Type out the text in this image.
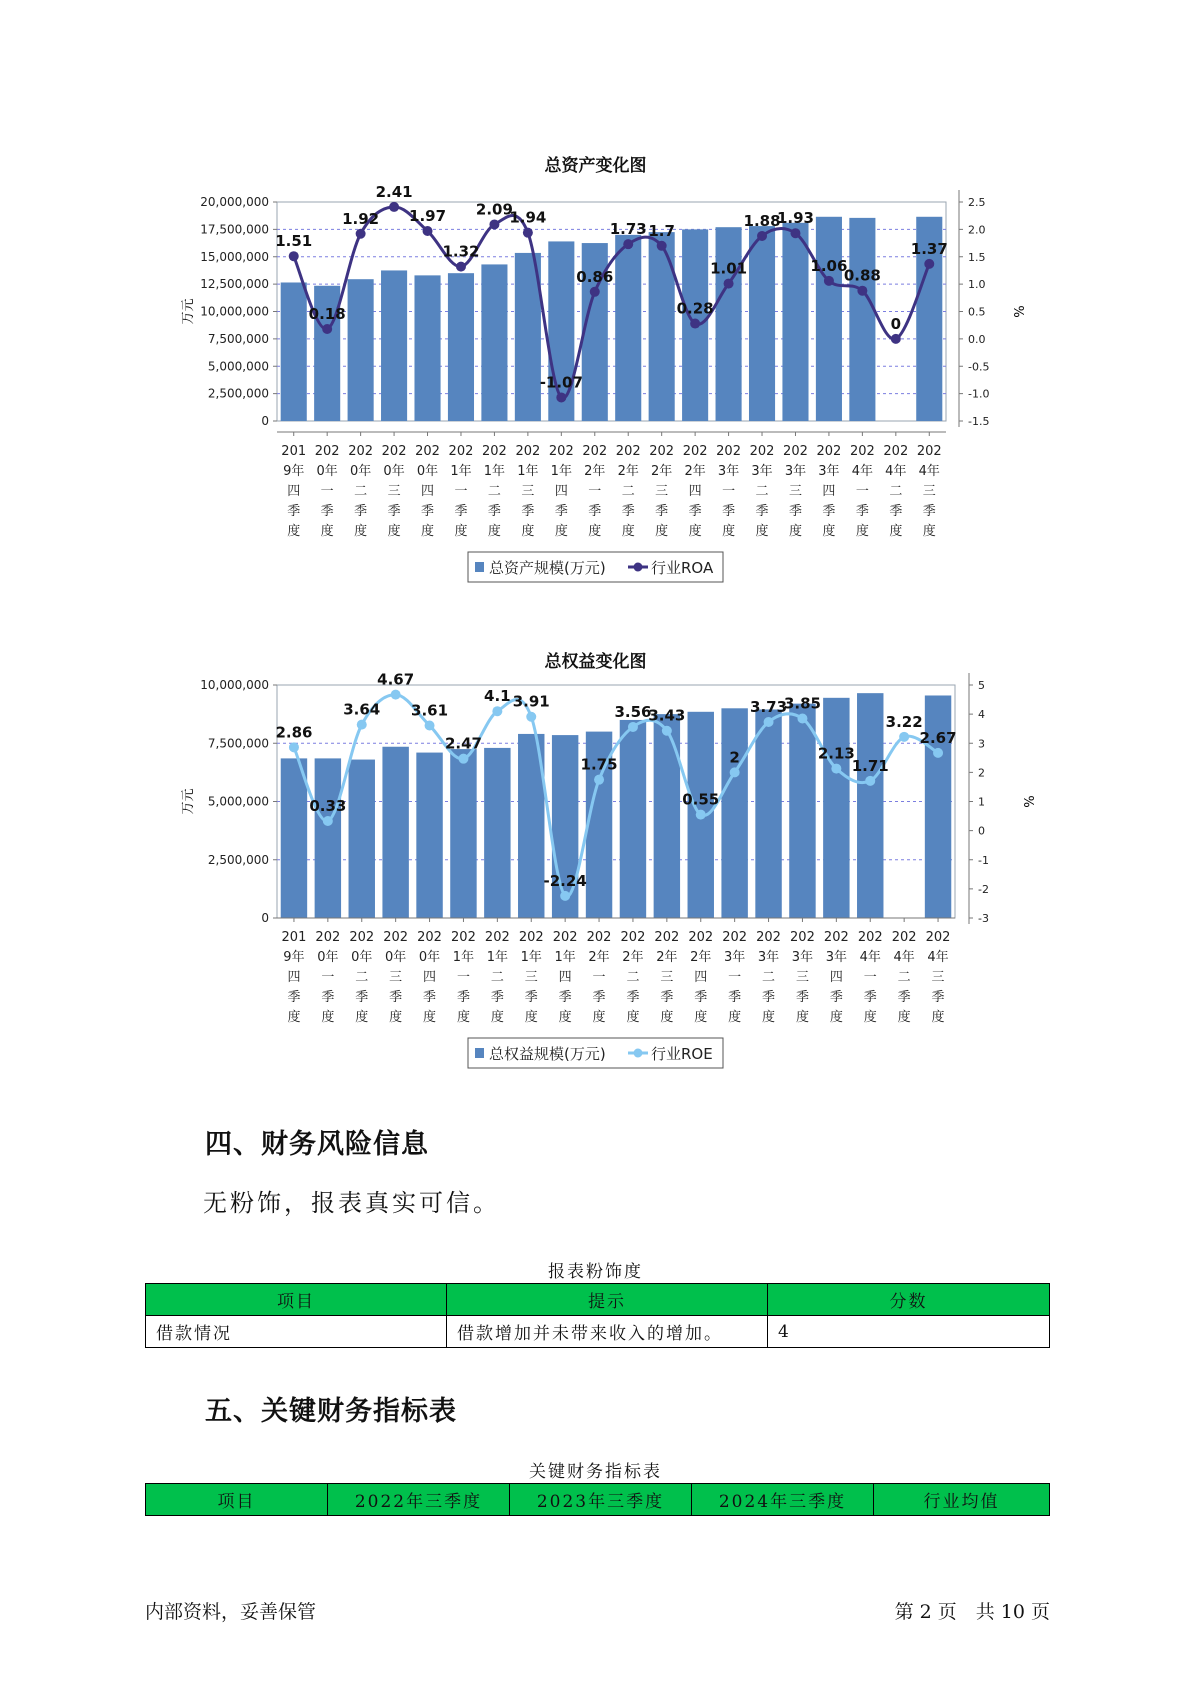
总资产变化图
0
2,500,000
5,000,000
7,500,000
10,000,000
12,500,000
15,000,000
17,500,000
20,000,000
-1.5
-1.0
-0.5
0.0
0.5
1.0
1.5
2.0
2.5
万元	%
1.51
0.18
1.92
2.41
1.97
1.32
2.09
1.94
-1.07
0.86
1.73 1.7
0.28
1.01
1.88
1.93
1.06
0.88
0
1.37
201 9年四季度
202 0年一季度
202 0年二季度
202 0年三季度
202 0年四季度
202 1年一季度
202 1年二季度
202 1年三季度
202 1年四季度
202 2年一季度
202 2年二季度
202 2年三季度
202 2年四季度
202 3年一季度
202 3年二季度
202 3年三季度
202 3年四季度
202 4年一季度
202 4年二季度
202 4年三季度
总资产规模(万元)	行业ROA
总权益变化图
0
2,500,000
5,000,000
7,500,000
10,000,000
-3
-2
-1
0
1
2
3
4
5
万元	%
2.86
0.33
3.64
4.67
3.61
2.47
4.1 3.91
-2.24
1.75
3.56
3.43
0.55
2
3.73
3.85
2.13
1.71
3.22
2.67
201 9年四季度
202 0年一季度
202 0年二季度
202 0年三季度
202 0年四季度
202 1年一季度
202 1年二季度
202 1年三季度
202 1年四季度
202 2年一季度
202 2年二季度
202 2年三季度
202 2年四季度
202 3年一季度
202 3年二季度
202 3年三季度
202 3年四季度
202 4年一季度
202 4年二季度
202 4年三季度
总权益规模(万元)	行业ROE
四、财务风险信息
无粉饰，报表真实可信。
报表粉饰度
项目	提示	分数
借款情况	借款增加并未带来收入的增加。	4
五、关键财务指标表
关键财务指标表
项目	2022年三季度	2023年三季度	2024年三季度	行业均值
内部资料，妥善保管	第 2 页　共 10 页
